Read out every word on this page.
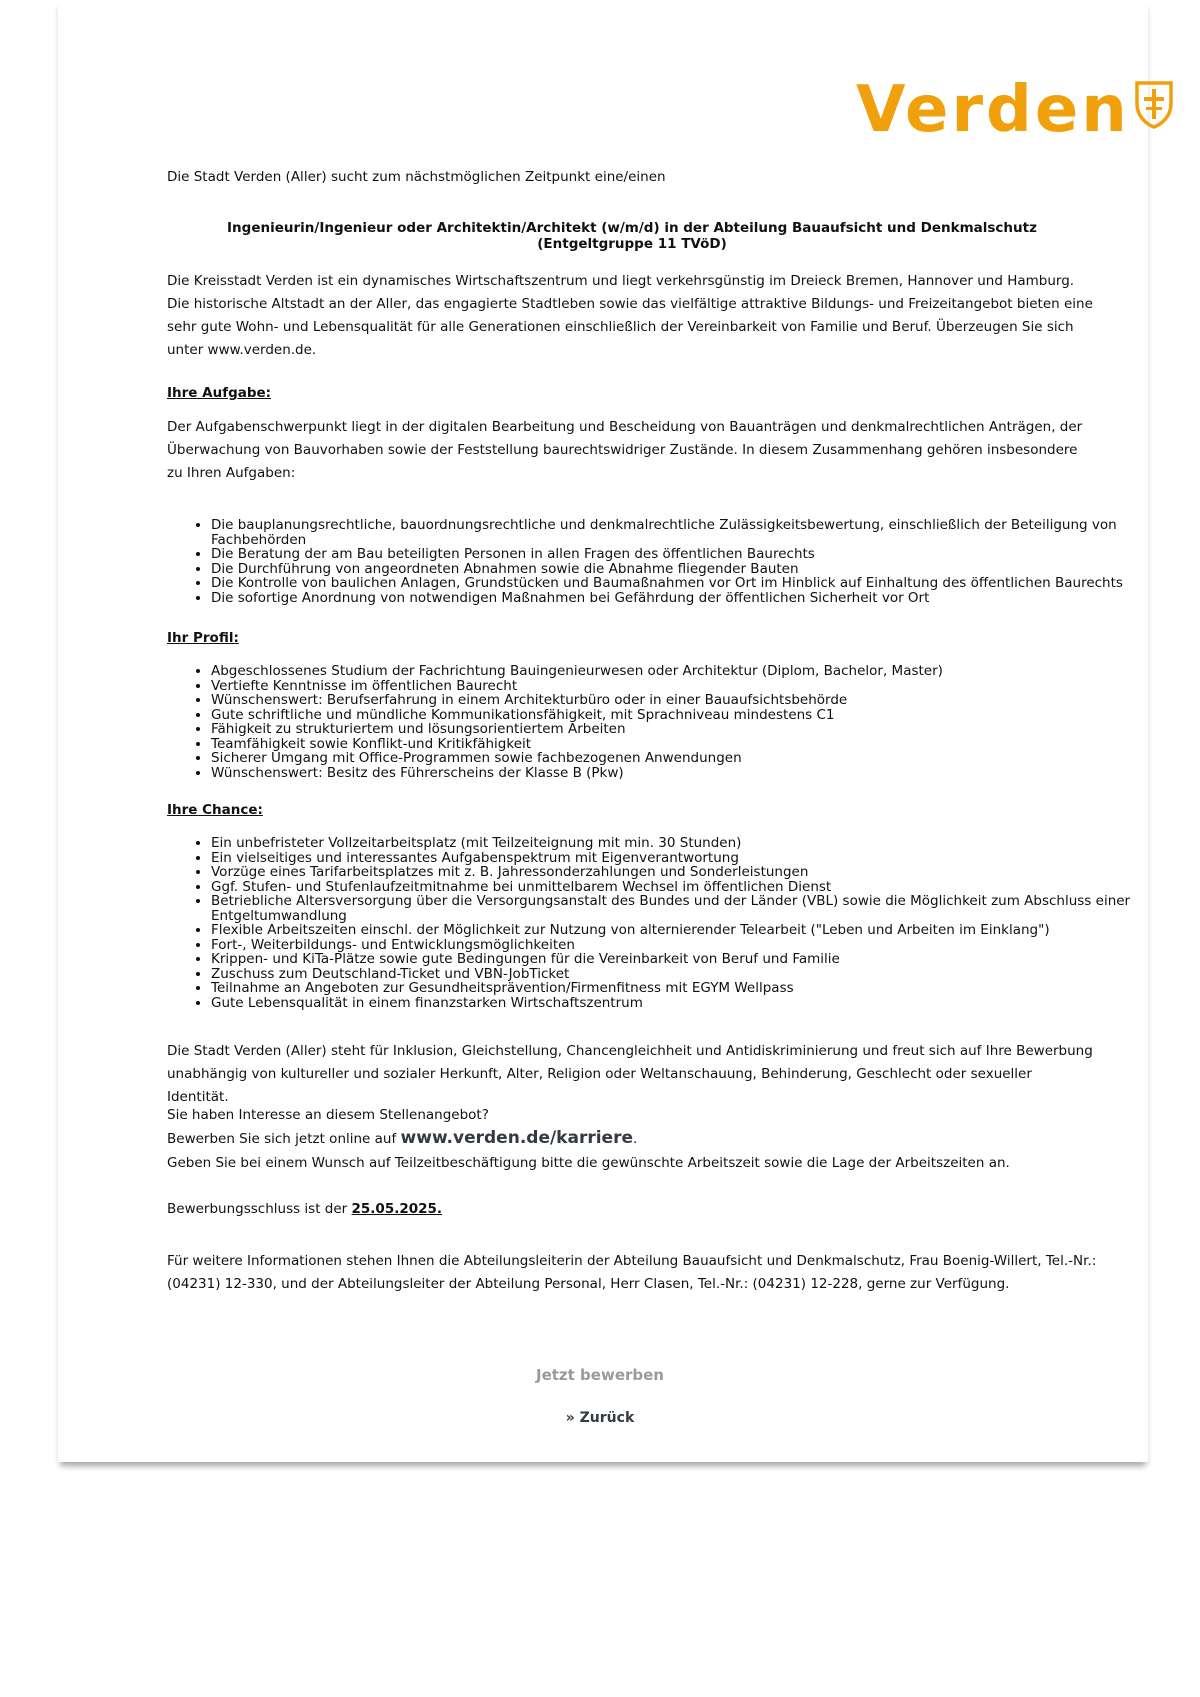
Verden
Die Stadt Verden (Aller) sucht zum nächstmöglichen Zeitpunkt eine/einen
Ingenieurin/Ingenieur oder Architektin/Architekt (w/m/d) in der Abteilung Bauaufsicht und Denkmalschutz
(Entgeltgruppe 11 TVöD)
Die Kreisstadt Verden ist ein dynamisches Wirtschaftszentrum und liegt verkehrsgünstig im Dreieck Bremen, Hannover und Hamburg. Die historische Altstadt an der Aller, das engagierte Stadtleben sowie das vielfältige attraktive Bildungs- und Freizeitangebot bieten eine sehr gute Wohn- und Lebensqualität für alle Generationen einschließlich der Vereinbarkeit von Familie und Beruf. Überzeugen Sie sich unter www.verden.de.
Ihre Aufgabe:
Der Aufgabenschwerpunkt liegt in der digitalen Bearbeitung und Bescheidung von Bauanträgen und denkmalrechtlichen Anträgen, der Überwachung von Bauvorhaben sowie der Feststellung baurechtswidriger Zustände. In diesem Zusammenhang gehören insbesondere zu Ihren Aufgaben:
• Die bauplanungsrechtliche, bauordnungsrechtliche und denkmalrechtliche Zulässigkeitsbewertung, einschließlich der Beteiligung von Fachbehörden
• Die Beratung der am Bau beteiligten Personen in allen Fragen des öffentlichen Baurechts
• Die Durchführung von angeordneten Abnahmen sowie die Abnahme fliegender Bauten
• Die Kontrolle von baulichen Anlagen, Grundstücken und Baumaßnahmen vor Ort im Hinblick auf Einhaltung des öffentlichen Baurechts
• Die sofortige Anordnung von notwendigen Maßnahmen bei Gefährdung der öffentlichen Sicherheit vor Ort
Ihr Profil:
• Abgeschlossenes Studium der Fachrichtung Bauingenieurwesen oder Architektur (Diplom, Bachelor, Master)
• Vertiefte Kenntnisse im öffentlichen Baurecht
• Wünschenswert: Berufserfahrung in einem Architekturbüro oder in einer Bauaufsichtsbehörde
• Gute schriftliche und mündliche Kommunikationsfähigkeit, mit Sprachniveau mindestens C1
• Fähigkeit zu strukturiertem und lösungsorientiertem Arbeiten
• Teamfähigkeit sowie Konflikt-und Kritikfähigkeit
• Sicherer Umgang mit Office-Programmen sowie fachbezogenen Anwendungen
• Wünschenswert: Besitz des Führerscheins der Klasse B (Pkw)
Ihre Chance:
• Ein unbefristeter Vollzeitarbeitsplatz (mit Teilzeiteignung mit min. 30 Stunden)
• Ein vielseitiges und interessantes Aufgabenspektrum mit Eigenverantwortung
• Vorzüge eines Tarifarbeitsplatzes mit z. B. Jahressonderzahlungen und Sonderleistungen
• Ggf. Stufen- und Stufenlaufzeitmitnahme bei unmittelbarem Wechsel im öffentlichen Dienst
• Betriebliche Altersversorgung über die Versorgungsanstalt des Bundes und der Länder (VBL) sowie die Möglichkeit zum Abschluss einer Entgeltumwandlung
• Flexible Arbeitszeiten einschl. der Möglichkeit zur Nutzung von alternierender Telearbeit ("Leben und Arbeiten im Einklang")
• Fort-, Weiterbildungs- und Entwicklungsmöglichkeiten
• Krippen- und KiTa-Plätze sowie gute Bedingungen für die Vereinbarkeit von Beruf und Familie
• Zuschuss zum Deutschland-Ticket und VBN-JobTicket
• Teilnahme an Angeboten zur Gesundheitsprävention/Firmenfitness mit EGYM Wellpass
• Gute Lebensqualität in einem finanzstarken Wirtschaftszentrum
Die Stadt Verden (Aller) steht für Inklusion, Gleichstellung, Chancengleichheit und Antidiskriminierung und freut sich auf Ihre Bewerbung unabhängig von kultureller und sozialer Herkunft, Alter, Religion oder Weltanschauung, Behinderung, Geschlecht oder sexueller Identität.
Sie haben Interesse an diesem Stellenangebot?
Bewerben Sie sich jetzt online auf www.verden.de/karriere.
Geben Sie bei einem Wunsch auf Teilzeitbeschäftigung bitte die gewünschte Arbeitszeit sowie die Lage der Arbeitszeiten an.
Bewerbungsschluss ist der 25.05.2025.
Für weitere Informationen stehen Ihnen die Abteilungsleiterin der Abteilung Bauaufsicht und Denkmalschutz, Frau Boenig-Willert, Tel.-Nr.: (04231) 12-330, und der Abteilungsleiter der Abteilung Personal, Herr Clasen, Tel.-Nr.: (04231) 12-228, gerne zur Verfügung.
Jetzt bewerben
» Zurück
